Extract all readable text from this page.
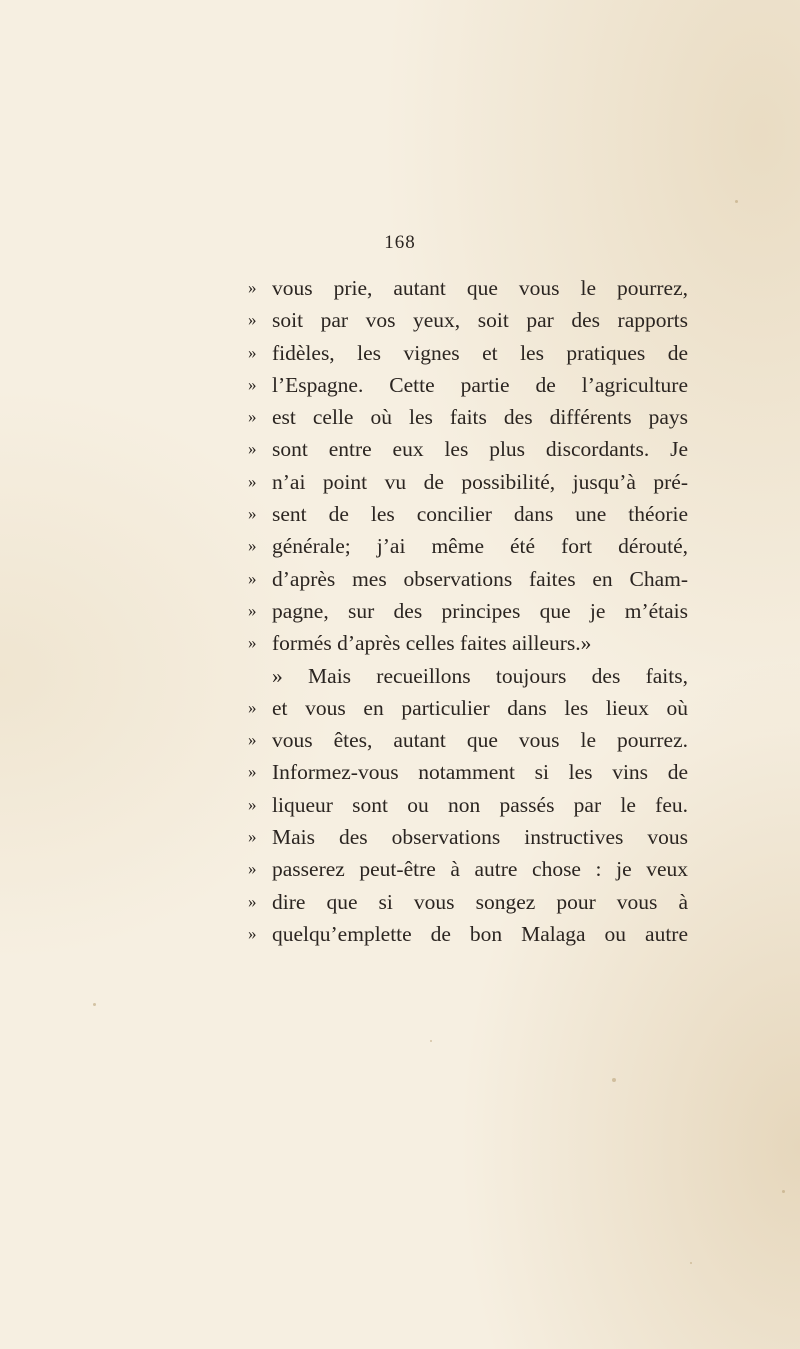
168
» vous prie, autant que vous le pourrez,
» soit par vos yeux, soit par des rapports
» fidèles, les vignes et les pratiques de
» l’Espagne. Cette partie de l’agriculture
» est celle où les faits des différents pays
» sont entre eux les plus discordants. Je
» n’ai point vu de possibilité, jusqu’à pré-
» sent de les concilier dans une théorie
» générale; j’ai même été fort dérouté,
» d’après mes observations faites en Cham-
» pagne, sur des principes que je m’étais
» formés d’après celles faites ailleurs.»
» Mais recueillons toujours des faits,
» et vous en particulier dans les lieux où
» vous êtes, autant que vous le pourrez.
» Informez-vous notamment si les vins de
» liqueur sont ou non passés par le feu.
» Mais des observations instructives vous
» passerez peut-être à autre chose : je veux
» dire que si vous songez pour vous à
» quelqu’emplette de bon Malaga ou autre
